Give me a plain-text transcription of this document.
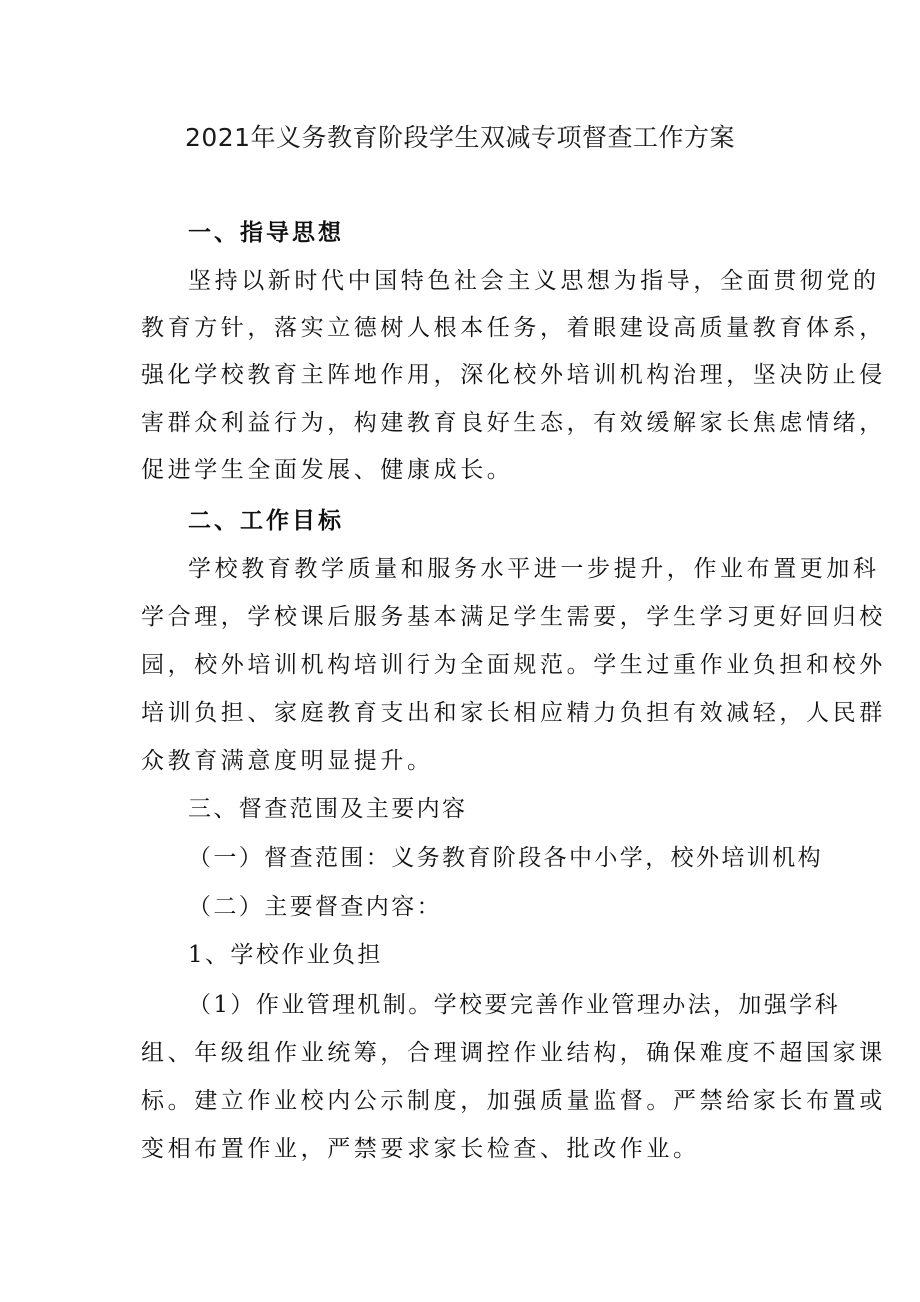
2021年义务教育阶段学生双减专项督查工作方案
一、指导思想
坚持以新时代中国特色社会主义思想为指导，全面贯彻党的
教育方针，落实立德树人根本任务，着眼建设高质量教育体系，
强化学校教育主阵地作用，深化校外培训机构治理，坚决防止侵
害群众利益行为，构建教育良好生态，有效缓解家长焦虑情绪，
促进学生全面发展、健康成长。
二、工作目标
学校教育教学质量和服务水平进一步提升，作业布置更加科
学合理，学校课后服务基本满足学生需要，学生学习更好回归校
园，校外培训机构培训行为全面规范。学生过重作业负担和校外
培训负担、家庭教育支出和家长相应精力负担有效减轻，人民群
众教育满意度明显提升。
三、督查范围及主要内容
（一）督查范围：义务教育阶段各中小学，校外培训机构
（二）主要督查内容：
1、学校作业负担
（1）作业管理机制。学校要完善作业管理办法，加强学科
组、年级组作业统筹，合理调控作业结构，确保难度不超国家课
标。建立作业校内公示制度，加强质量监督。严禁给家长布置或
变相布置作业，严禁要求家长检查、批改作业。
